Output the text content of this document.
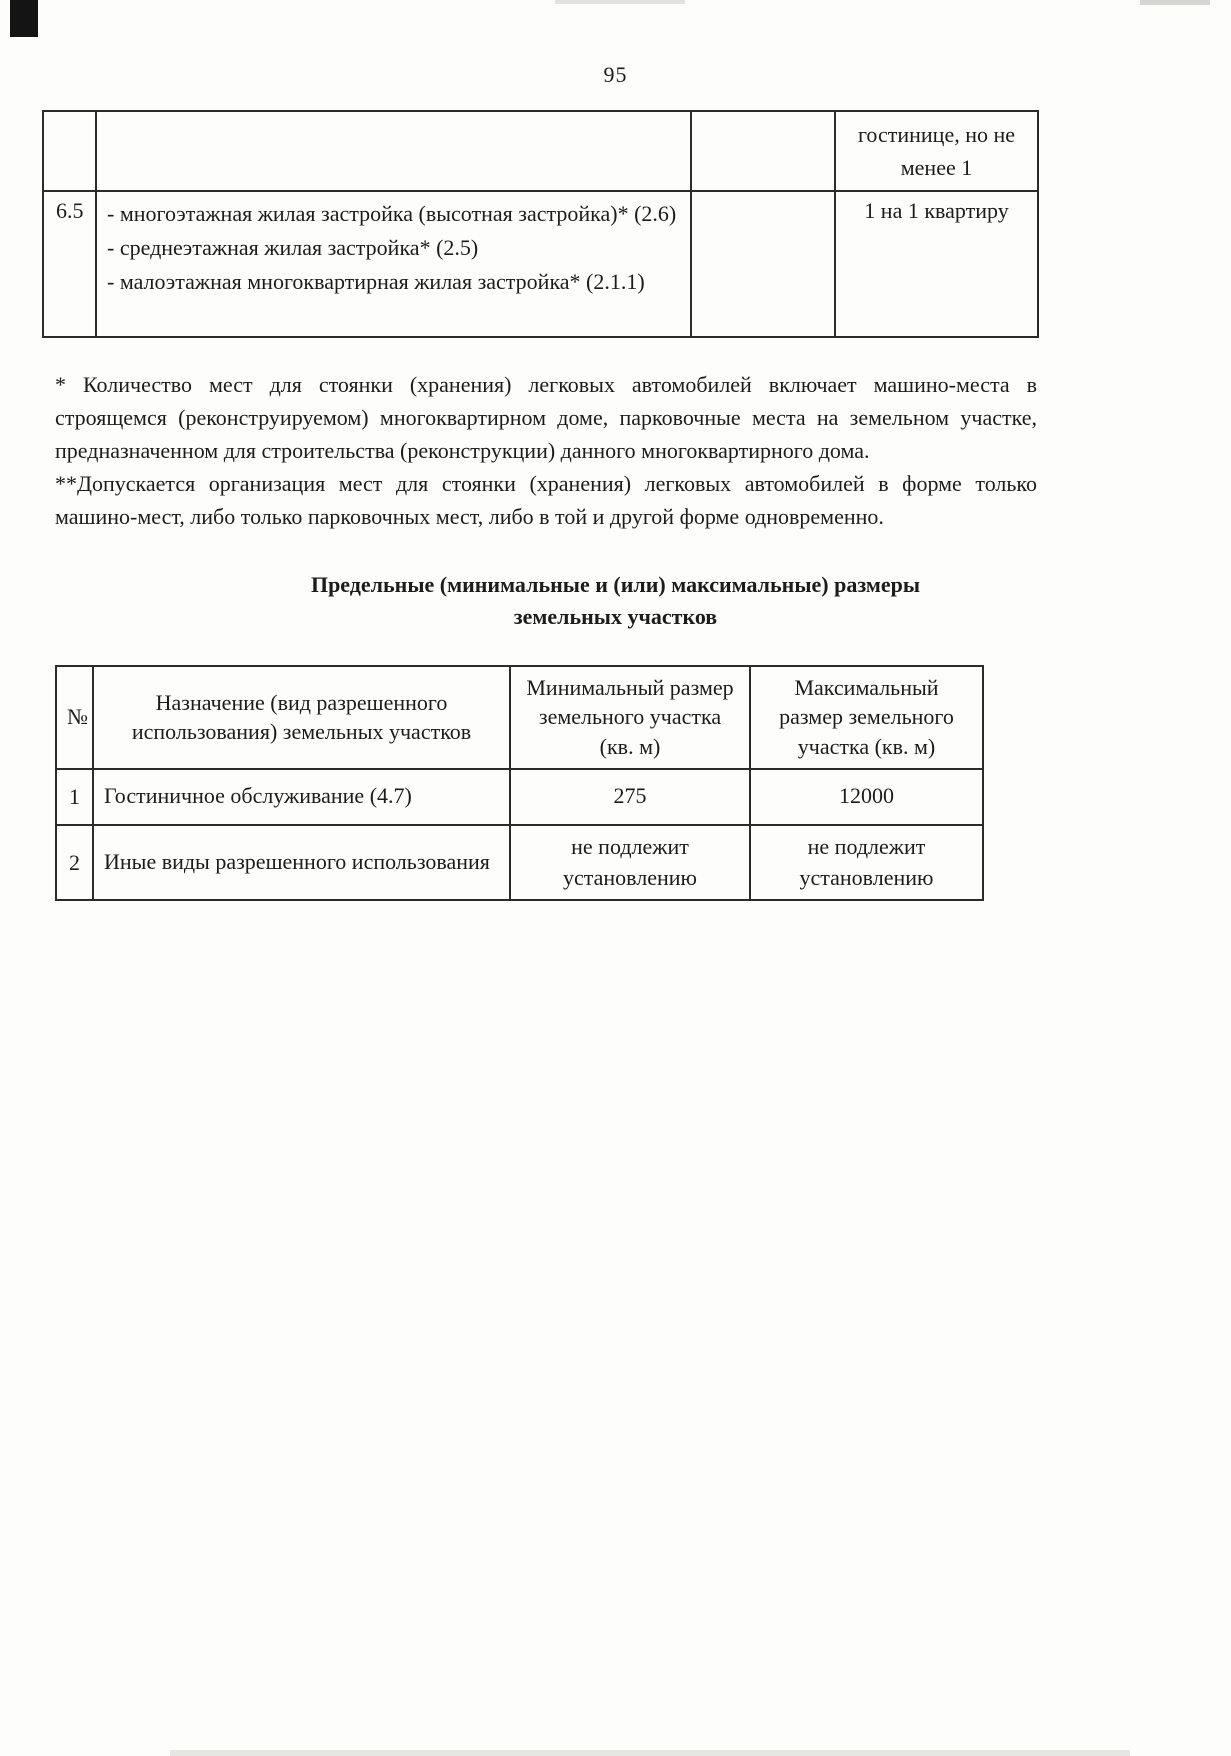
95
			гостинице, но не менее 1
6.5	- многоэтажная жилая застройка (высотная застройка)* (2.6)

- среднеэтажная жилая застройка* (2.5)

- малоэтажная многоквартирная жилая застройка* (2.1.1)		1 на 1 квартиру

* Количество мест для стоянки (хранения) легковых автомобилей включает машино-места в строящемся (реконструируемом) многоквартирном доме, парковочные места на земельном участке, предназначенном для строительства (реконструкции) данного многоквартирного дома.

**Допускается организация мест для стоянки (хранения) легковых автомобилей в форме только машино-мест, либо только парковочных мест, либо в той и другой форме одновременно.

Предельные (минимальные и (или) максимальные) размеры
земельных участков
№	Назначение (вид разрешенного использования) земельных участков	Минимальный размер земельного участка (кв. м)	Максимальный размер земельного участка (кв. м)
1	Гостиничное обслуживание (4.7)	275	12000
2	Иные виды разрешенного использования	не подлежит установлению	не подлежит установлению
